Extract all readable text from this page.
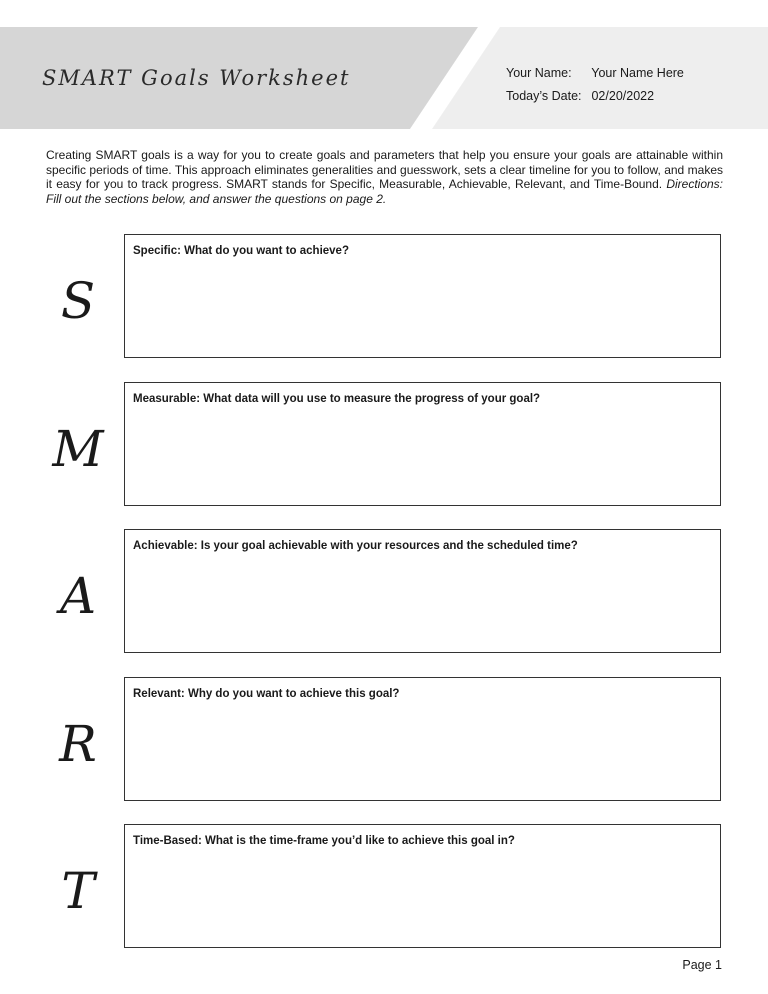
SMART Goals Worksheet	Your Name: Your Name Here
Today’s Date: 02/20/2022
Creating SMART goals is a way for you to create goals and parameters that help you ensure your goals are attainable within specific periods of time. This approach eliminates generalities and guesswork, sets a clear timeline for you to follow, and makes it easy for you to track progress. SMART stands for Specific, Measurable, Achievable, Relevant, and Time-Bound. Directions: Fill out the sections below, and answer the questions on page 2.
S
Specific: What do you want to achieve?
M
Measurable: What data will you use to measure the progress of your goal?
A
Achievable: Is your goal achievable with your resources and the scheduled time?
R
Relevant: Why do you want to achieve this goal?
T
Time-Based: What is the time-frame you’d like to achieve this goal in?
Page 1
